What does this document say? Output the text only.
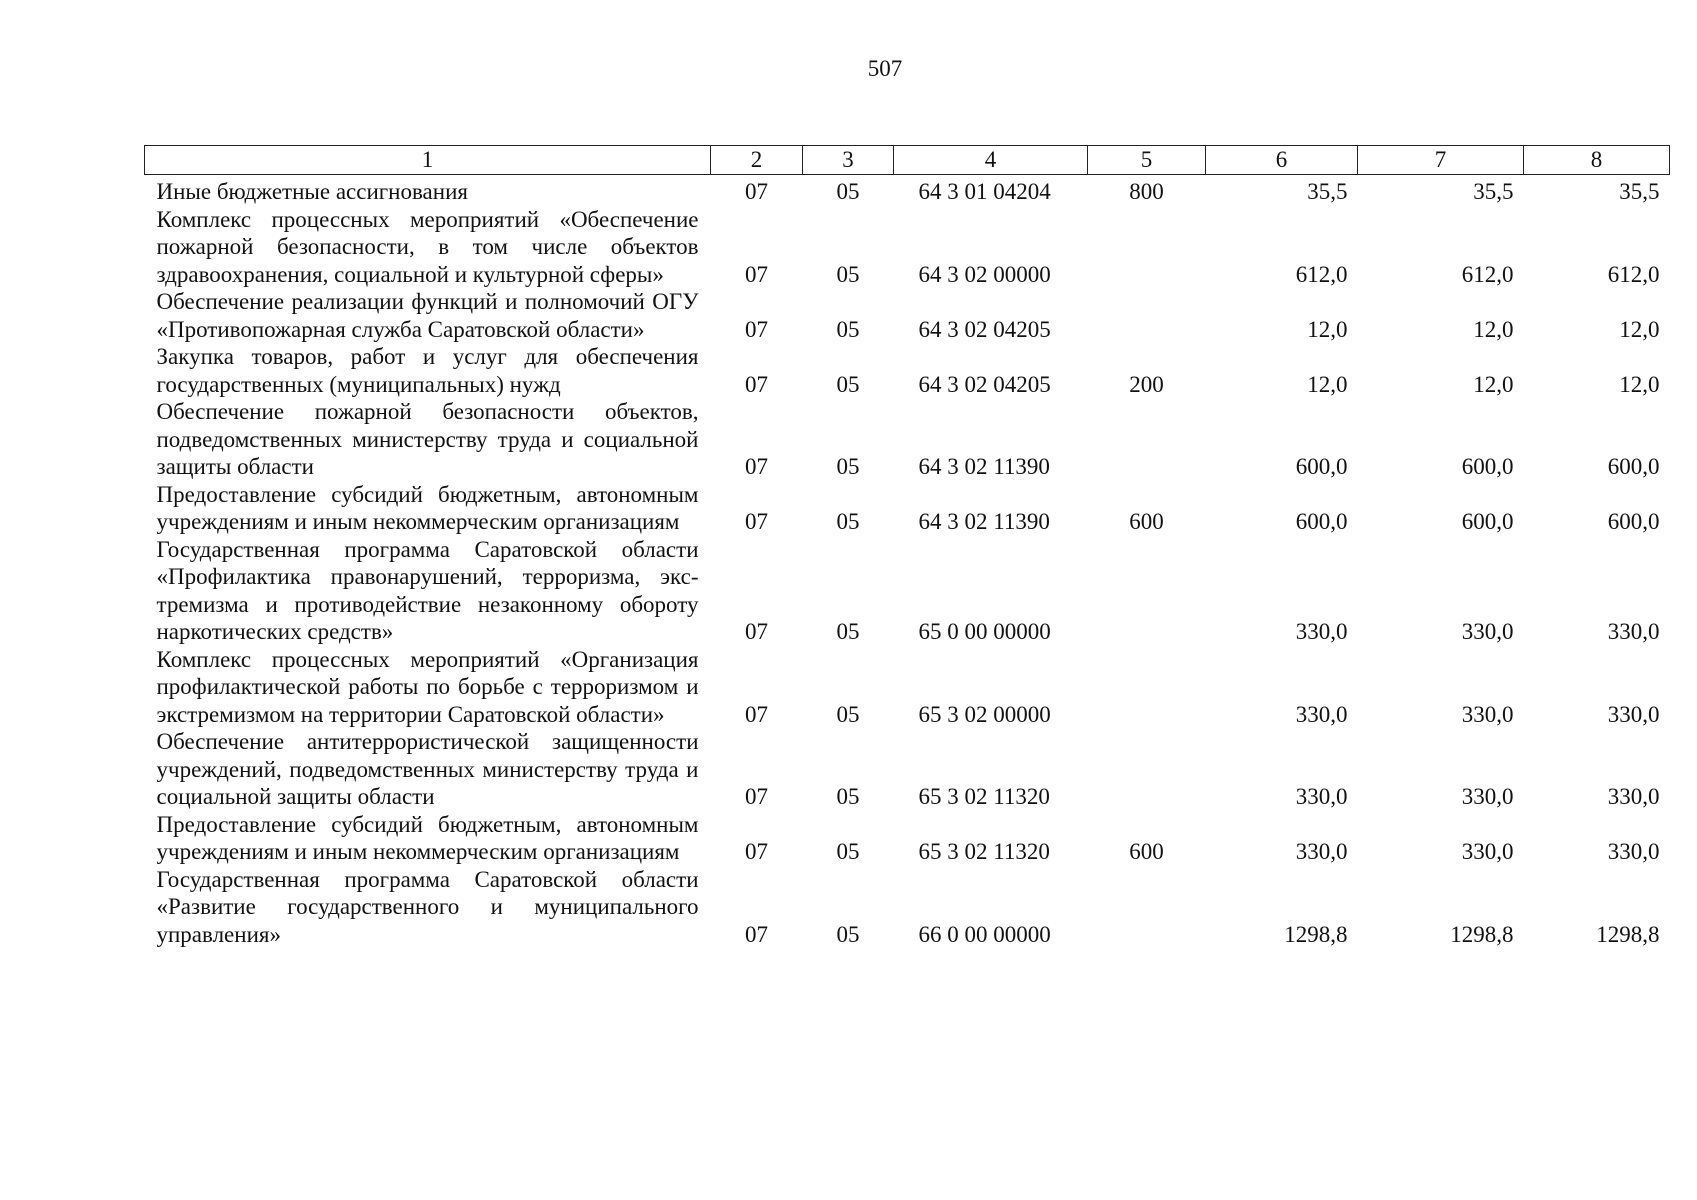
507
1	2	3	4	5	6	7	8
Иные бюджетные ассигнования	07	05	64 3 01 04204	800	35,5	35,5	35,5
Комплекс процессных мероприятий «Обеспечение пожарной безопасности, в том числе объектов здравоохранения, социальной и культурной сферы»	07	05	64 3 02 00000		612,0	612,0	612,0
Обеспечение реализации функций и полномочий ОГУ «Противопожарная служба Саратовской области»	07	05	64 3 02 04205		12,0	12,0	12,0
Закупка товаров, работ и услуг для обеспечения государственных (муниципальных) нужд	07	05	64 3 02 04205	200	12,0	12,0	12,0
Обеспечение пожарной безопасности объектов, подведомственных министерству труда и социальной защиты области	07	05	64 3 02 11390		600,0	600,0	600,0
Предоставление субсидий бюджетным, автономным учреждениям и иным некоммерческим организациям	07	05	64 3 02 11390	600	600,0	600,0	600,0
Государственная программа Саратовской области «Профилактика правонарушений, терроризма, экстремизма и противодействие незаконному обороту наркотических средств»	07	05	65 0 00 00000		330,0	330,0	330,0
Комплекс процессных мероприятий «Организация профилактической работы по борьбе с терроризмом и экстремизмом на территории Саратовской области»	07	05	65 3 02 00000		330,0	330,0	330,0
Обеспечение антитеррористической защищенности учреждений, подведомственных министерству труда и социальной защиты области	07	05	65 3 02 11320		330,0	330,0	330,0
Предоставление субсидий бюджетным, автономным учреждениям и иным некоммерческим организациям	07	05	65 3 02 11320	600	330,0	330,0	330,0
Государственная программа Саратовской области «Развитие государственного и муниципального управления»	07	05	66 0 00 00000		1298,8	1298,8	1298,8
